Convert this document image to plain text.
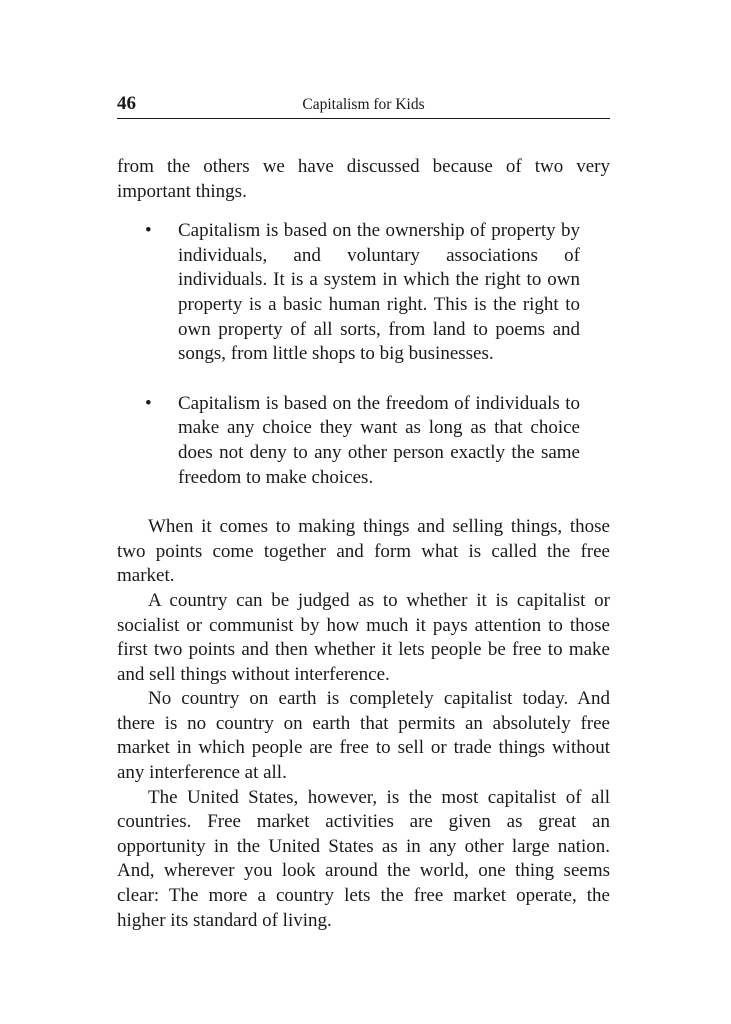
46	Capitalism for Kids

from the others we have discussed because of two very important things.

• Capitalism is based on the ownership of property by individuals, and voluntary associations of individuals. It is a system in which the right to own property is a basic human right. This is the right to own property of all sorts, from land to poems and songs, from little shops to big businesses.
• Capitalism is based on the freedom of individuals to make any choice they want as long as that choice does not deny to any other person exactly the same freedom to make choices.

When it comes to making things and selling things, those two points come together and form what is called the free market.

A country can be judged as to whether it is capitalist or socialist or communist by how much it pays attention to those first two points and then whether it lets people be free to make and sell things without interference.

No country on earth is completely capitalist today. And there is no country on earth that permits an absolutely free market in which people are free to sell or trade things without any interference at all.

The United States, however, is the most capitalist of all countries. Free market activities are given as great an opportunity in the United States as in any other large nation. And, wherever you look around the world, one thing seems clear: The more a country lets the free market operate, the higher its standard of living.
